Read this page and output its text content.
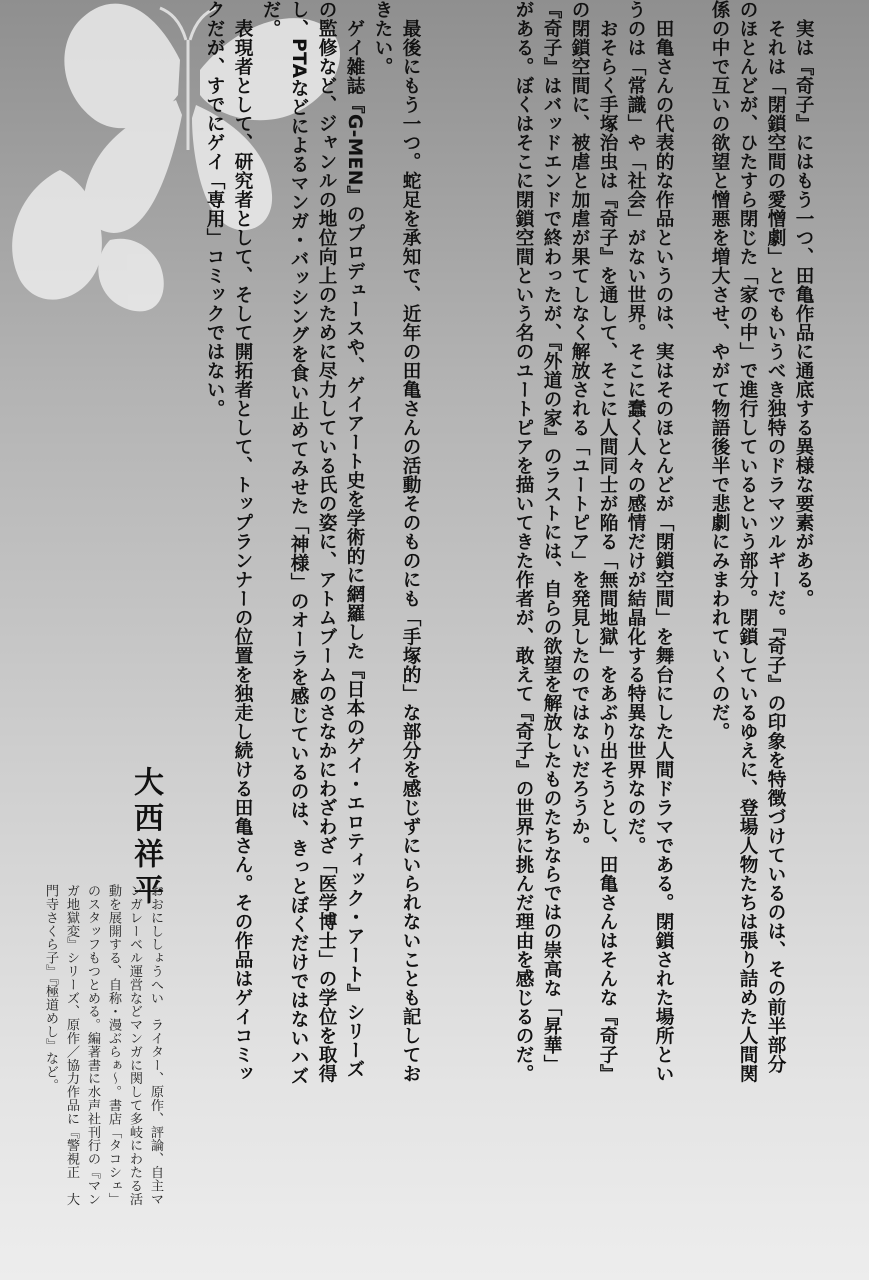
　実は『奇子』にはもう一つ、田亀作品に通底する異様な要素がある。
　それは「閉鎖空間の愛憎劇」とでもいうべき独特のドラマツルギーだ。『奇子』の印象を特徴づけているのは、その前半部分のほとんどが、ひたすら閉じた「家の中」で進行しているという部分。閉鎖しているゆえに、登場人物たちは張り詰めた人間関係の中で互いの欲望と憎悪を増大させ、やがて物語後半で悲劇にみまわれていくのだ。
　田亀さんの代表的な作品というのは、実はそのほとんどが「閉鎖空間」を舞台にした人間ドラマである。閉鎖された場所というのは「常識」や「社会」がない世界。そこに蠢く人々の感情だけが結晶化する特異な世界なのだ。
　おそらく手塚治虫は『奇子』を通して、そこに人間同士が陥る「無間地獄」をあぶり出そうとし、田亀さんはそんな『奇子』の閉鎖空間に、被虐と加虐が果てしなく解放される「ユートピア」を発見したのではないだろうか。
『奇子』はバッドエンドで終わったが、『外道の家』のラストには、自らの欲望を解放したものたちならではの崇高な「昇華」がある。ぼくはそこに閉鎖空間という名のユートピアを描いてきた作者が、敢えて『奇子』の世界に挑んだ理由を感じるのだ。
　最後にもう一つ。蛇足を承知で、近年の田亀さんの活動そのものにも「手塚的」な部分を感じずにいられないことも記しておきたい。
　ゲイ雑誌『G-MEN』のプロデュースや、ゲイアート史を学術的に網羅した『日本のゲイ・エロティック・アート』シリーズの監修など、ジャンルの地位向上のために尽力している氏の姿に、アトムブームのさなかにわざわざ「医学博士」の学位を取得し、PTAなどによるマンガ・バッシングを食い止めてみせた「神様」のオーラを感じているのは、きっとぼくだけではないハズだ。
　表現者として、研究者として、そして開拓者として、トップランナーの位置を独走し続ける田亀さん。その作品はゲイコミックだが、すでにゲイ「専用」コミックではない。
大西祥平
おおにししょうへい　ライター、原作、評論、自主マンガレーベル運営などマンガに関して多岐にわたる活動を展開する、自称・漫ぶらぁ〜。書店「タコシェ」のスタッフもつとめる。編著書に水声社刊行の『マンガ地獄変』シリーズ、原作／協力作品に『警視正　大門寺さくら子』『極道めし』など。
